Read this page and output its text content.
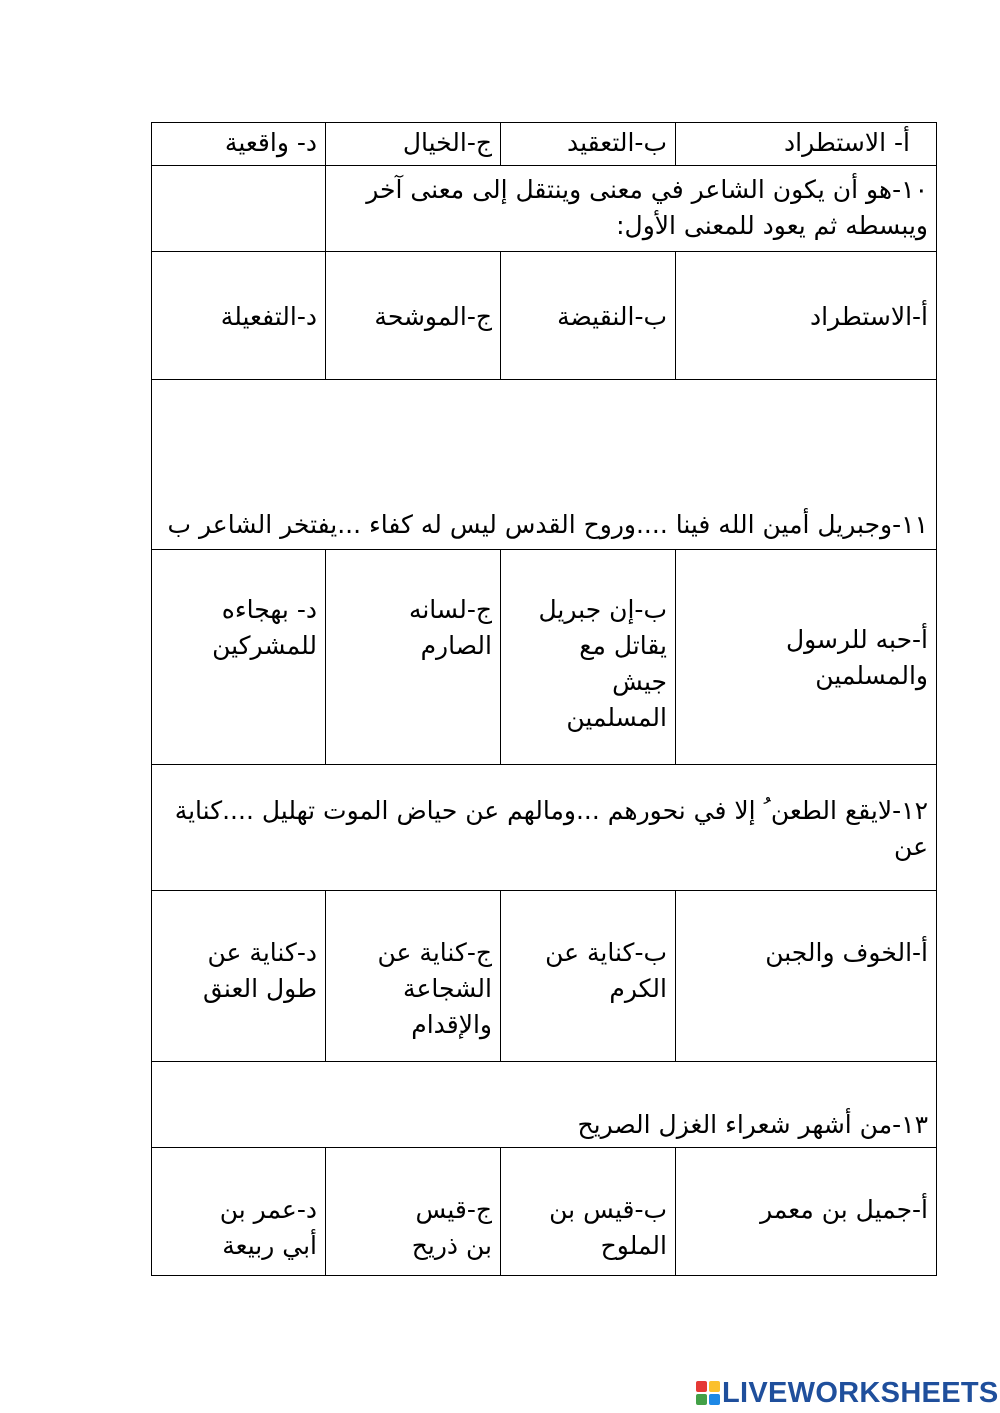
أ- الاستطراد	ب-التعقيد	ج-الخيال	د- واقعية
١٠-هو أن يكون الشاعر في معنى وينتقل إلى معنى آخر ويبسطه ثم يعود للمعنى الأول:			
أ-الاستطراد	ب-النقيضة	ج-الموشحة	د-التفعيلة
١١-وجبريل أمين الله فينا ....وروح القدس ليس له كفاء ...يفتخر الشاعر ب			
أ-حبه للرسول والمسلمين	ب-إن جبريل يقاتل مع جيش المسلمين	ج-لسانه الصارم	د- بهجاءه للمشركين
١٢-لايقع الطعن ُ إلا في نحورهم ...ومالهم عن حياض الموت تهليل ....كناية عن			
أ-الخوف والجبن	ب-كناية عن الكرم	ج-كناية عن الشجاعة والإقدام	د-كناية عن طول العنق
١٣-من أشهر شعراء الغزل الصريح			
أ-جميل بن معمر	ب-قيس بن الملوح	ج-قيس بن ذريح	د-عمر بن أبي ربيعة
LIVEWORKSHEETS
